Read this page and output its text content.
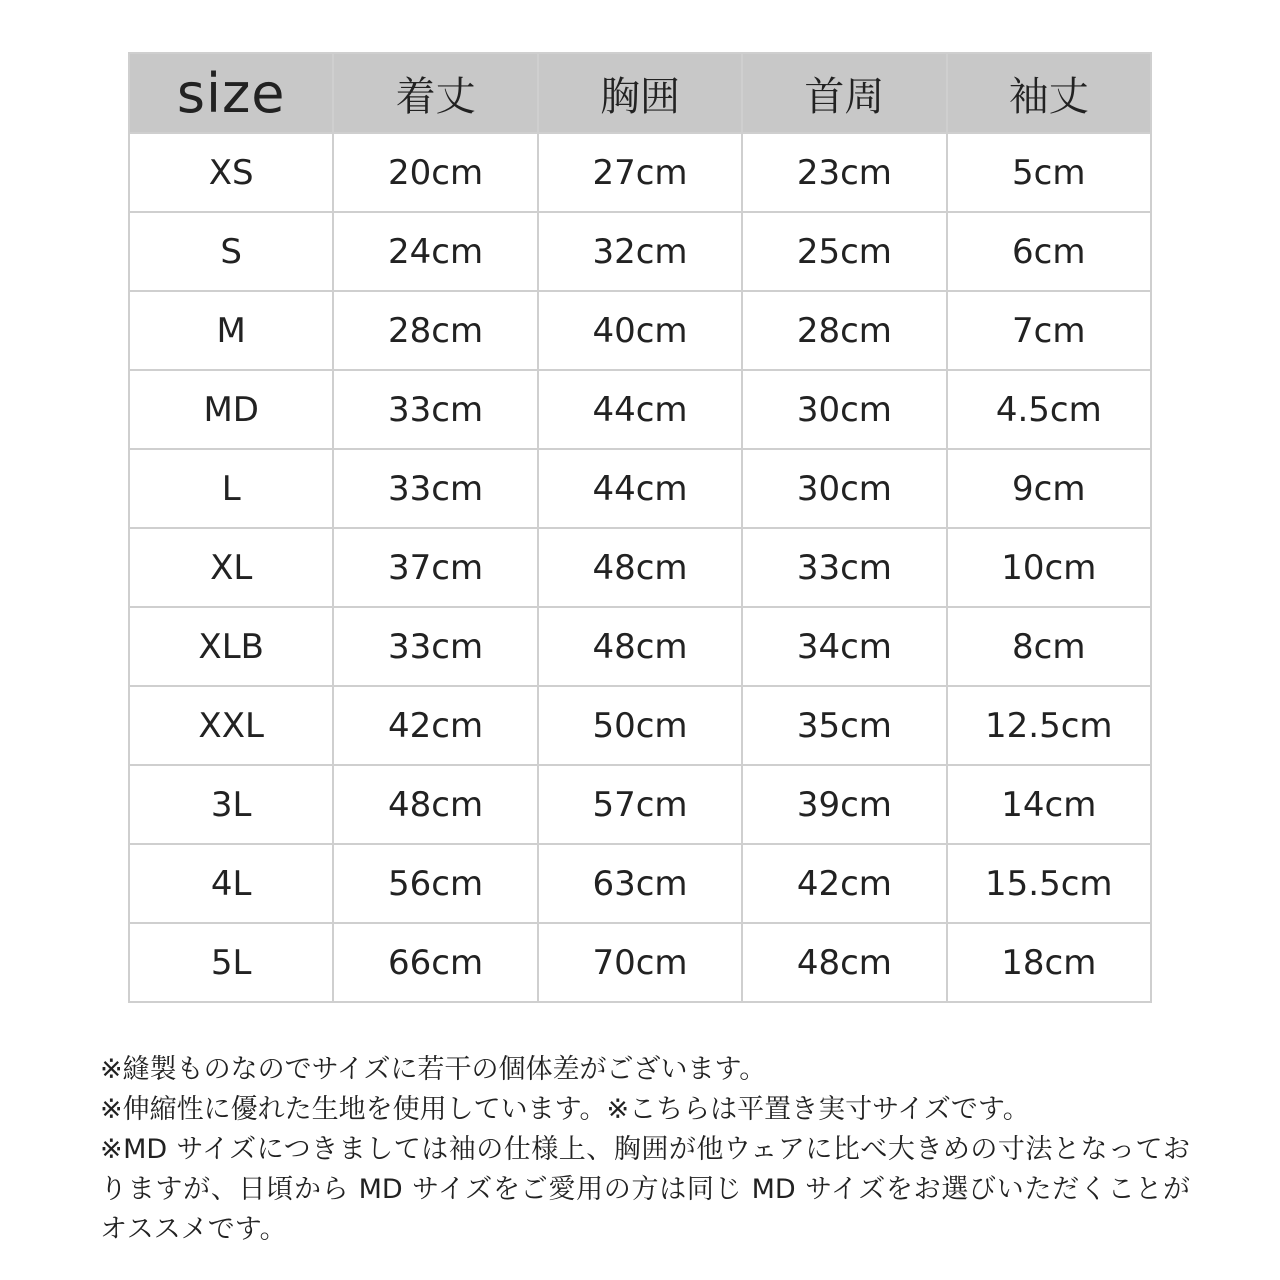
size	着丈	胸囲	首周	袖丈
XS	20cm	27cm	23cm	5cm
S	24cm	32cm	25cm	6cm
M	28cm	40cm	28cm	7cm
MD	33cm	44cm	30cm	4.5cm
L	33cm	44cm	30cm	9cm
XL	37cm	48cm	33cm	10cm
XLB	33cm	48cm	34cm	8cm
XXL	42cm	50cm	35cm	12.5cm
3L	48cm	57cm	39cm	14cm
4L	56cm	63cm	42cm	15.5cm
5L	66cm	70cm	48cm	18cm

※縫製ものなのでサイズに若干の個体差がございます。

※伸縮性に優れた生地を使用しています。※こちらは平置き実寸サイズです。

※MD サイズにつきましては袖の仕様上、胸囲が他ウェアに比べ大きめの寸法となっておりますが、日頃から MD サイズをご愛用の方は同じ MD サイズをお選びいただくことがオススメです。
